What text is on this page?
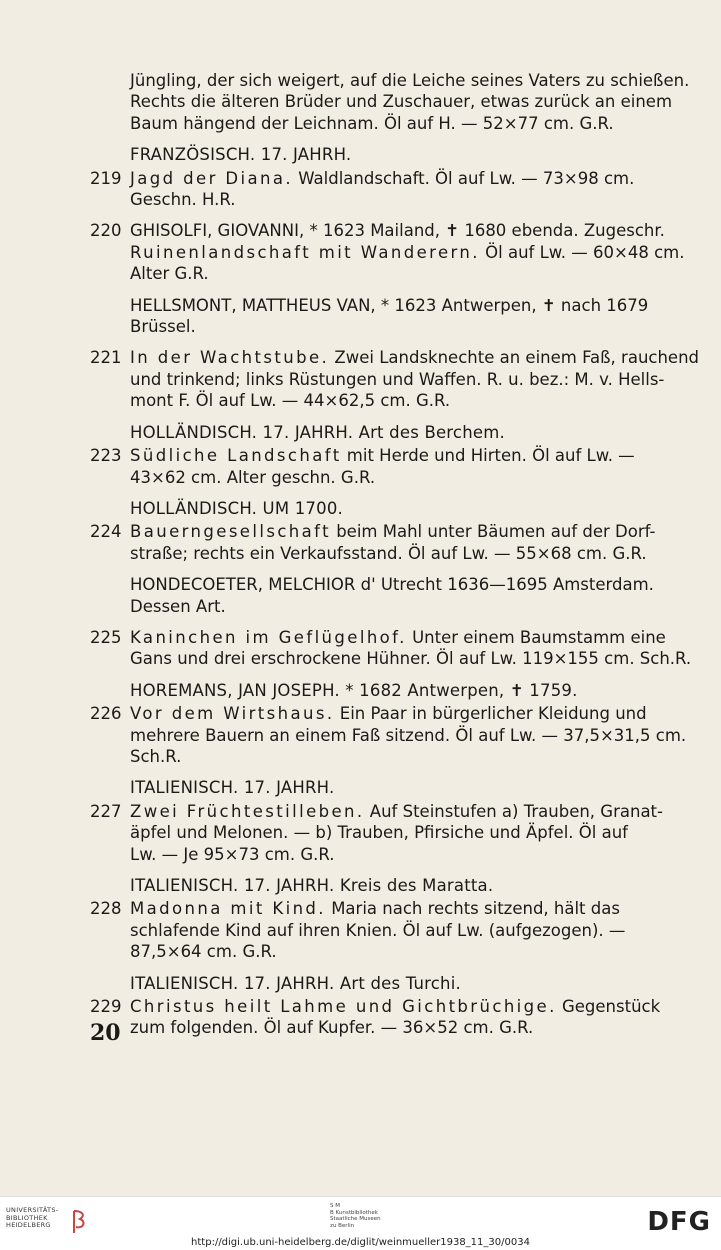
Jüngling, der sich weigert, auf die Leiche seines Vaters zu schießen.
Rechts die älteren Brüder und Zuschauer, etwas zurück an einem
Baum hängend der Leichnam. Öl auf H. — 52×77 cm. G.R.
FRANZÖSISCH. 17. JAHRH.
219 Jagd der Diana. Waldlandschaft. Öl auf Lw. — 73×98 cm.
Geschn. H.R.
220 GHISOLFI, GIOVANNI, * 1623 Mailand, ✝ 1680 ebenda. Zugeschr.
Ruinenlandschaft mit Wanderern. Öl auf Lw. — 60×48 cm.
Alter G.R.
HELLSMONT, MATTHEUS VAN, * 1623 Antwerpen, ✝ nach 1679
Brüssel.
221 In der Wachtstube. Zwei Landsknechte an einem Faß, rauchend
und trinkend; links Rüstungen und Waffen. R. u. bez.: M. v. Hells-
mont F. Öl auf Lw. — 44×62,5 cm. G.R.
HOLLÄNDISCH. 17. JAHRH. Art des Berchem.
223 Südliche Landschaft mit Herde und Hirten. Öl auf Lw. —
43×62 cm. Alter geschn. G.R.
HOLLÄNDISCH. UM 1700.
224 Bauerngesellschaft beim Mahl unter Bäumen auf der Dorf-
straße; rechts ein Verkaufsstand. Öl auf Lw. — 55×68 cm. G.R.
HONDECOETER, MELCHIOR d' Utrecht 1636—1695 Amsterdam.
Dessen Art.
225 Kaninchen im Geflügelhof. Unter einem Baumstamm eine
Gans und drei erschrockene Hühner. Öl auf Lw. 119×155 cm. Sch.R.
HOREMANS, JAN JOSEPH. * 1682 Antwerpen, ✝ 1759.
226 Vor dem Wirtshaus. Ein Paar in bürgerlicher Kleidung und
mehrere Bauern an einem Faß sitzend. Öl auf Lw. — 37,5×31,5 cm.
Sch.R.
ITALIENISCH. 17. JAHRH.
227 Zwei Früchtestilleben. Auf Steinstufen a) Trauben, Granat-
äpfel und Melonen. — b) Trauben, Pfirsiche und Äpfel. Öl auf
Lw. — Je 95×73 cm. G.R.
ITALIENISCH. 17. JAHRH. Kreis des Maratta.
228 Madonna mit Kind. Maria nach rechts sitzend, hält das
schlafende Kind auf ihren Knien. Öl auf Lw. (aufgezogen). —
87,5×64 cm. G.R.
ITALIENISCH. 17. JAHRH. Art des Turchi.
229 Christus heilt Lahme und Gichtbrüchige. Gegenstück
zum folgenden. Öl auf Kupfer. — 36×52 cm. G.R.
20
UNIVERSITÄTS-
BIBLIOTHEK
HEIDELBERG
S M
B Kunstbibliothek
Staatliche Museen
zu Berlin	DFG
http://digi.ub.uni-heidelberg.de/diglit/weinmueller1938_11_30/0034
